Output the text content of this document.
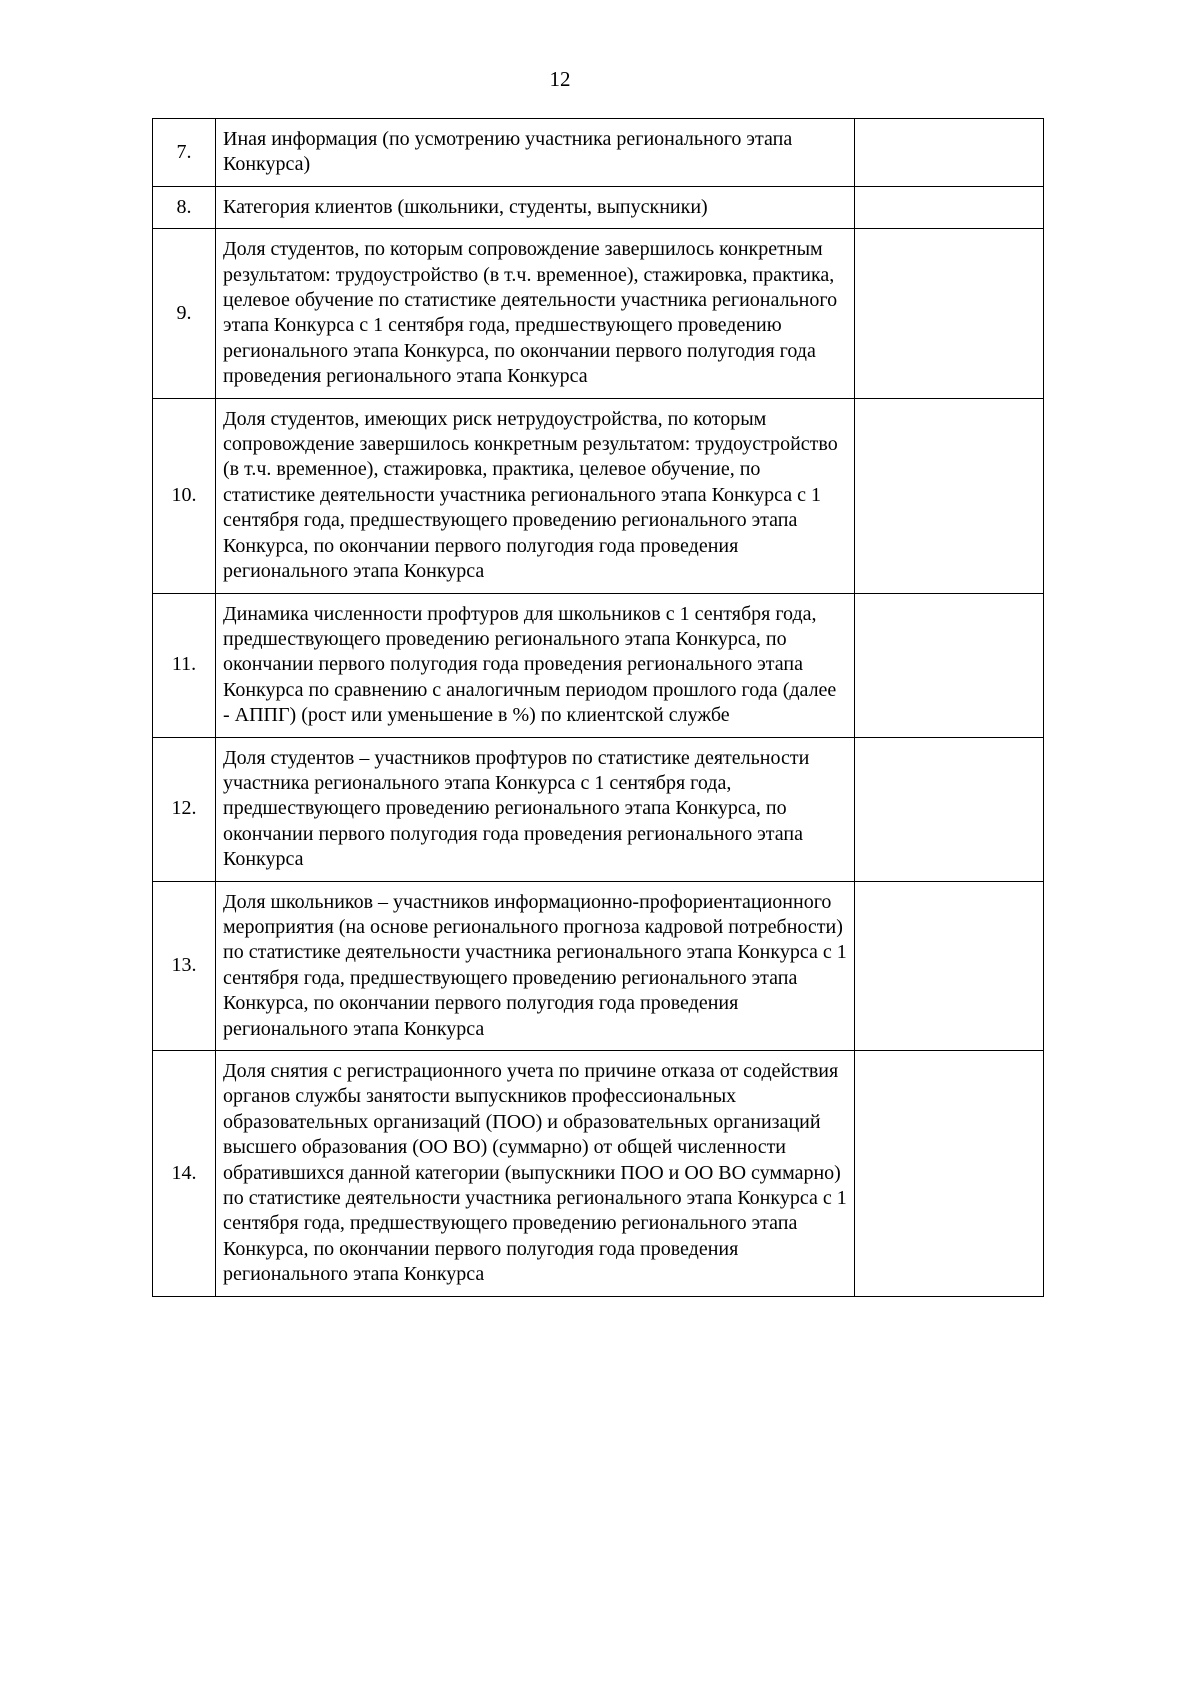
12
7.	Иная информация (по усмотрению участника регионального этапа Конкурса)	
8.	Категория клиентов (школьники, студенты, выпускники)	
9.	Доля студентов, по которым сопровождение завершилось конкретным результатом: трудоустройство (в т.ч. временное), стажировка, практика, целевое обучение по статистике деятельности участника регионального этапа Конкурса с 1 сентября года, предшествующего проведению регионального этапа Конкурса, по окончании первого полугодия года проведения регионального этапа Конкурса	
10.	Доля студентов, имеющих риск нетрудоустройства, по которым сопровождение завершилось конкретным результатом: трудоустройство (в т.ч. временное), стажировка, практика, целевое обучение, по статистике деятельности участника регионального этапа Конкурса с 1 сентября года, предшествующего проведению регионального этапа Конкурса, по окончании первого полугодия года проведения регионального этапа Конкурса	
11.	Динамика численности профтуров для школьников с 1 сентября года, предшествующего проведению регионального этапа Конкурса, по окончании первого полугодия года проведения регионального этапа Конкурса по сравнению с аналогичным периодом прошлого года (далее - АППГ) (рост или уменьшение в %) по клиентской службе	
12.	Доля студентов – участников профтуров по статистике деятельности участника регионального этапа Конкурса с 1 сентября года, предшествующего проведению регионального этапа Конкурса, по окончании первого полугодия года проведения регионального этапа Конкурса	
13.	Доля школьников – участников информационно-профориентационного мероприятия (на основе регионального прогноза кадровой потребности) по статистике деятельности участника регионального этапа Конкурса с 1 сентября года, предшествующего проведению регионального этапа Конкурса, по окончании первого полугодия года проведения регионального этапа Конкурса	
14.	Доля снятия с регистрационного учета по причине отказа от содействия органов службы занятости выпускников профессиональных образовательных организаций (ПОО) и образовательных организаций высшего образования (ОО ВО) (суммарно) от общей численности обратившихся данной категории (выпускники ПОО и ОО ВО суммарно) по статистике деятельности участника регионального этапа Конкурса с 1 сентября года, предшествующего проведению регионального этапа Конкурса, по окончании первого полугодия года проведения регионального этапа Конкурса	
